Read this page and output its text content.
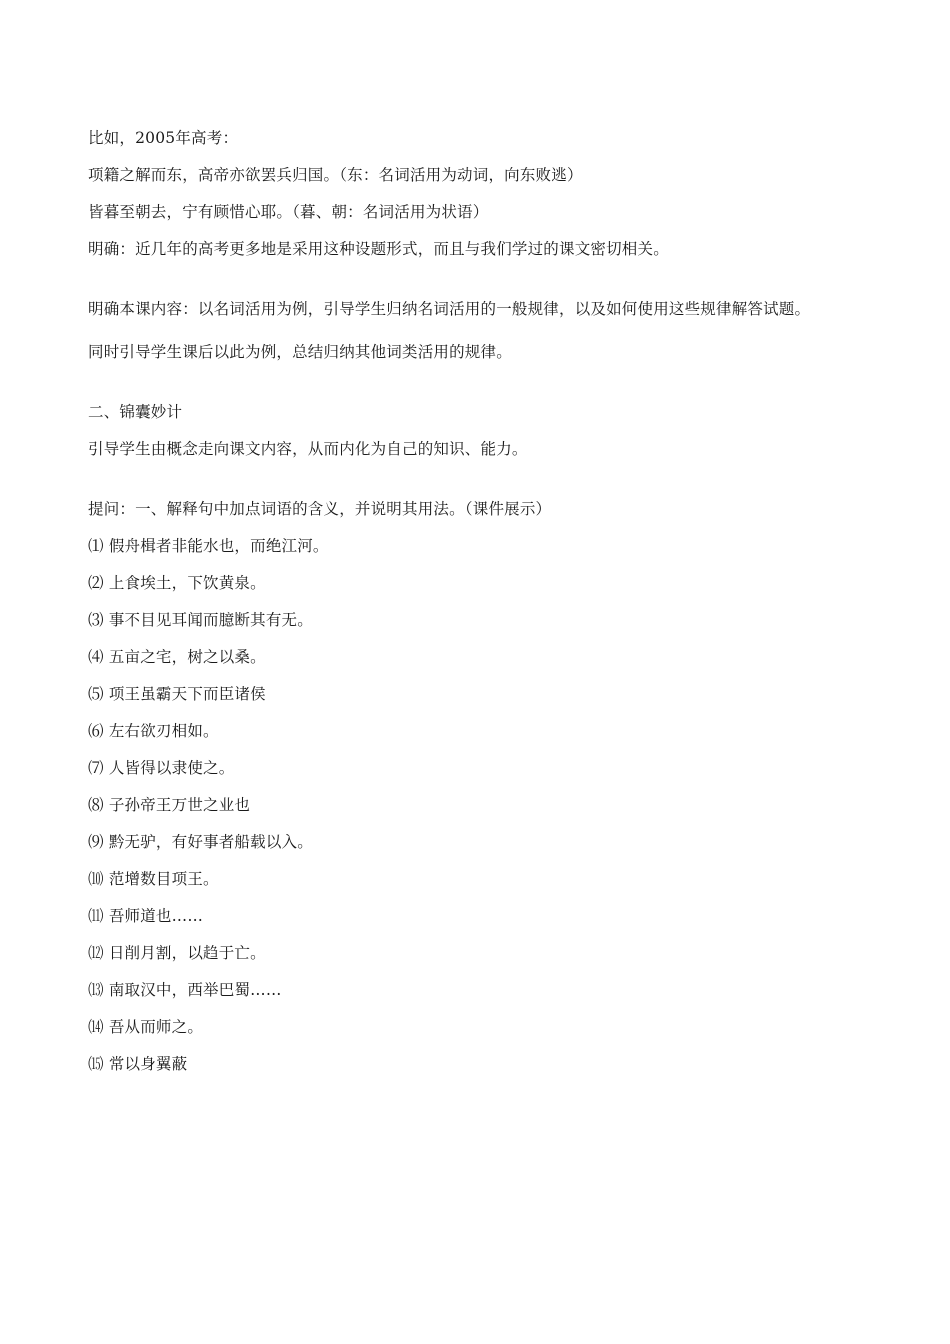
比如，2005年高考：
项籍之解而东，高帝亦欲罢兵归国。（东：名词活用为动词，向东败逃）
皆暮至朝去，宁有顾惜心耶。（暮、朝：名词活用为状语）
明确：近几年的高考更多地是采用这种设题形式，而且与我们学过的课文密切相关。
明确本课内容：以名词活用为例，引导学生归纳名词活用的一般规律，以及如何使用这些规律解答试题。
同时引导学生课后以此为例，总结归纳其他词类活用的规律。
二、锦囊妙计
引导学生由概念走向课文内容，从而内化为自己的知识、能力。
提问：一、解释句中加点词语的含义，并说明其用法。（课件展示）
⑴ 假舟楫者非能水也，而绝江河。
⑵ 上食埃土，下饮黄泉。
⑶ 事不目见耳闻而臆断其有无。
⑷ 五亩之宅，树之以桑。
⑸ 项王虽霸天下而臣诸侯
⑹ 左右欲刃相如。
⑺ 人皆得以隶使之。
⑻ 子孙帝王万世之业也
⑼ 黔无驴，有好事者船载以入。
⑽ 范增数目项王。
⑾ 吾师道也……
⑿ 日削月割，以趋于亡。
⒀ 南取汉中，西举巴蜀……
⒁ 吾从而师之。
⒂ 常以身翼蔽
